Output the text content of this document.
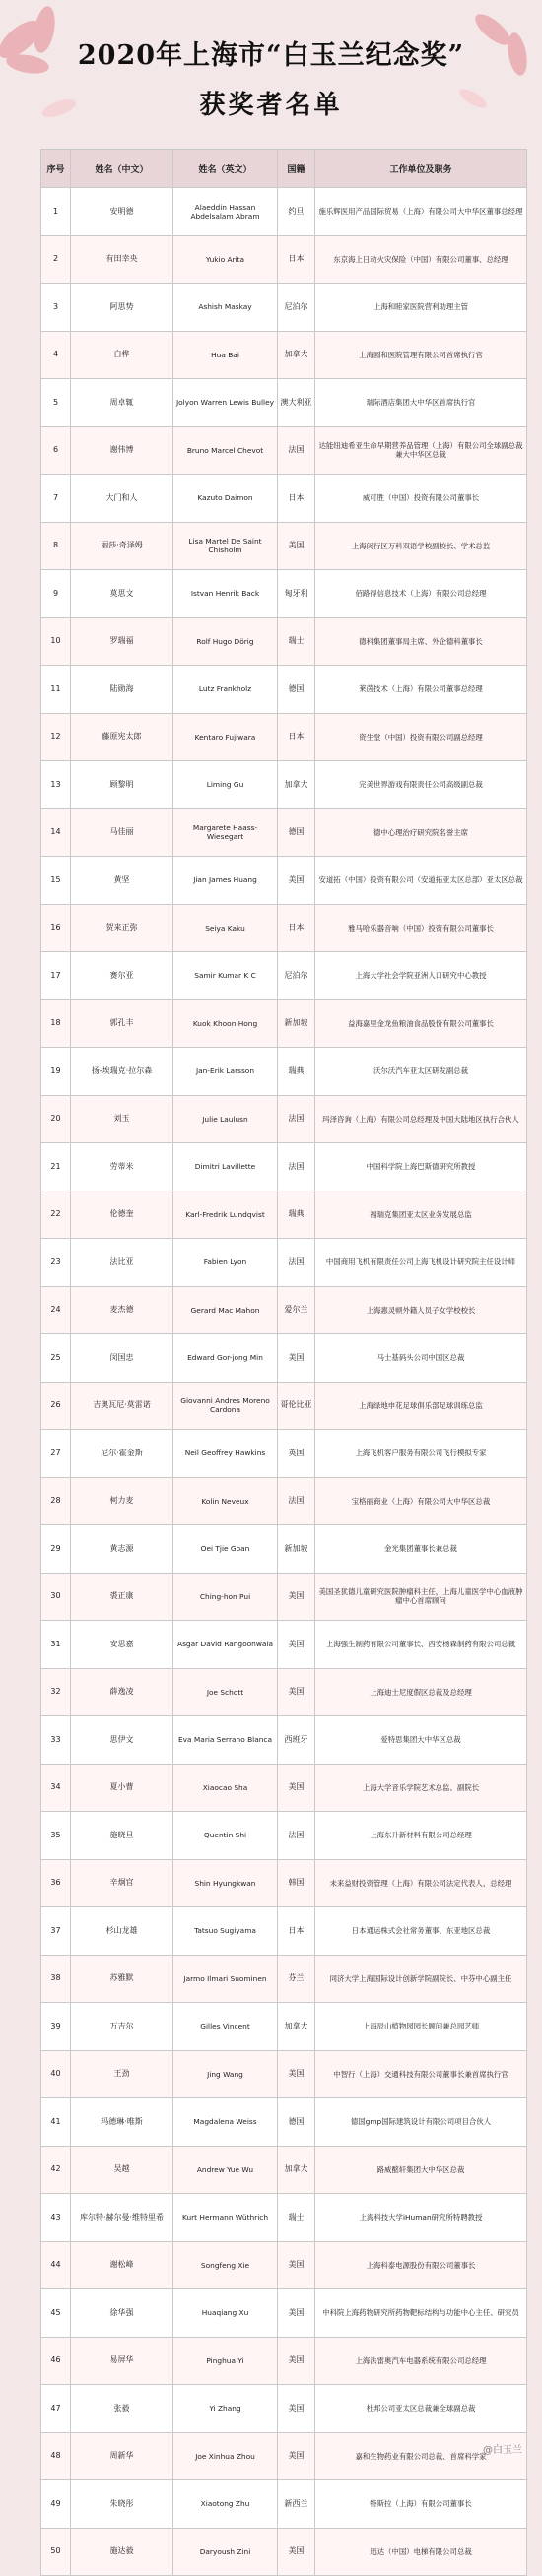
2020年上海市“白玉兰纪念奖”
获奖者名单
序号	姓名（中文）	姓名（英文）	国籍	工作单位及职务
1	安明德	Alaeddin Hassan Abdelsalam Abram	约旦	施乐辉医用产品国际贸易（上海）有限公司大中华区董事总经理
2	有田幸央	Yukio Arita	日本	东京海上日动火灾保险（中国）有限公司董事、总经理
3	阿思势	Ashish Maskay	尼泊尔	上海和睦家医院营利助理主管
4	白桦	Hua Bai	加拿大	上海圆和医院管理有限公司首席执行官
5	周卓辄	Jolyon Warren Lewis Bulley	澳大利亚	瑞际酒店集团大中华区首席执行官
6	谢伟博	Bruno Marcel Chevot	法国	达能纽迪希亚生命早期营养品管理（上海）有限公司全球副总裁兼大中华区总裁
7	大门和人	Kazuto Daimon	日本	威可胜（中国）投资有限公司董事长
8	丽莎·奇泽姆	Lisa Martel De Saint Chisholm	美国	上海闵行区万科双语学校副校长、学术总监
9	莫思文	Istvan Henrik Back	匈牙利	佰路得信息技术（上海）有限公司总经理
10	罗瑞福	Rolf Hugo Dörig	瑞士	德科集团董事局主席、外企德科董事长
11	陆勋海	Lutz Frankholz	德国	莱茵技术（上海）有限公司董事总经理
12	藤原宪太郎	Kentaro Fujiwara	日本	资生堂（中国）投资有限公司副总经理
13	顾黎明	Liming Gu	加拿大	完美世界游戏有限责任公司高级副总裁
14	马佳丽	Margarete Haass-Wiesegart	德国	德中心理治疗研究院名誉主席
15	黄坚	Jian James Huang	美国	安道拓（中国）投资有限公司（安道拓亚太区总部）亚太区总裁
16	贺来正弥	Seiya Kaku	日本	雅马哈乐器音响（中国）投资有限公司董事长
17	赛尔亚	Samir Kumar K C	尼泊尔	上海大学社会学院亚洲人口研究中心教授
18	郭孔丰	Kuok Khoon Hong	新加坡	益海嘉里金龙鱼粮油食品股份有限公司董事长
19	扬-埃瑞克·拉尔森	Jan-Erik Larsson	瑞典	沃尔沃汽车亚太区研发副总裁
20	刘玉	Julie Laulusn	法国	玛泽咨询（上海）有限公司总经理及中国大陆地区执行合伙人
21	劳蒂米	Dimitri Lavillette	法国	中国科学院上海巴斯德研究所教授
22	伦德奎	Karl-Fredrik Lundqvist	瑞典	福瑞克集团亚太区业务发展总监
23	法比亚	Fabien Lyon	法国	中国商用飞机有限责任公司上海飞机设计研究院主任设计师
24	麦杰德	Gerard Mac Mahon	爱尔兰	上海惠灵顿外籍人员子女学校校长
25	闵国忠	Edward Gor-jong Min	美国	马士基码头公司中国区总裁
26	吉奥瓦尼·莫雷诺	Giovanni Andres Moreno Cardona	哥伦比亚	上海绿地申花足球俱乐部足球训练总监
27	尼尔·霍金斯	Neil Geoffrey Hawkins	英国	上海飞机客户服务有限公司飞行模拟专家
28	柯力麦	Kolin Neveux	法国	宝格丽商业（上海）有限公司大中华区总裁
29	黄志源	Oei Tjie Goan	新加坡	金光集团董事长兼总裁
30	裘正康	Ching-hon Pui	美国	美国圣犹德儿童研究医院肿瘤科主任，上海儿童医学中心血液肿瘤中心首席顾问
31	安思嘉	Asgar David Rangoonwala	美国	上海强生制药有限公司董事长、西安杨森制药有限公司总裁
32	薛逸凌	Joe Schott	美国	上海迪士尼度假区总裁及总经理
33	思伊文	Eva Maria Serrano Blanca	西班牙	爱特思集团大中华区总裁
34	夏小曹	Xiaocao Sha	美国	上海大学音乐学院艺术总监、副院长
35	施晓旦	Quentin Shi	法国	上海东升新材料有限公司总经理
36	辛炯官	Shin Hyungkwan	韩国	未来益财投资管理（上海）有限公司法定代表人、总经理
37	杉山龙雄	Tatsuo Sugiyama	日本	日本通运株式会社常务董事、东亚地区总裁
38	苏雅默	Jarmo Ilmari Suominen	芬兰	同济大学上海国际设计创新学院副院长、中芬中心副主任
39	万吉尔	Gilles Vincent	加拿大	上海辰山植物园园长顾问兼总园艺师
40	王劲	Jing Wang	美国	中智行（上海）交通科技有限公司董事长兼首席执行官
41	玛德琳·唯斯	Magdalena Weiss	德国	德国gmp国际建筑设计有限公司项目合伙人
42	吴越	Andrew Yue Wu	加拿大	路威酩轩集团大中华区总裁
43	库尔特·赫尔曼·维特里希	Kurt Hermann Wüthrich	瑞士	上海科技大学iHuman研究所特聘教授
44	谢松峰	Songfeng Xie	美国	上海科泰电源股份有限公司董事长
45	徐华强	Huaqiang Xu	美国	中科院上海药物研究所药物靶标结构与功能中心主任、研究员
46	易屏华	Pinghua Yi	美国	上海法雷奥汽车电器系统有限公司总经理
47	张毅	Yi Zhang	美国	杜邦公司亚太区总裁兼全球副总裁
48	周新华	Joe Xinhua Zhou	美国	嘉和生物药业有限公司总裁、首席科学家
49	朱晓彤	Xiaotong Zhu	新西兰	特斯拉（上海）有限公司董事长
50	施达毅	Daryoush Zini	美国	迅达（中国）电梯有限公司总裁
@白玉兰
